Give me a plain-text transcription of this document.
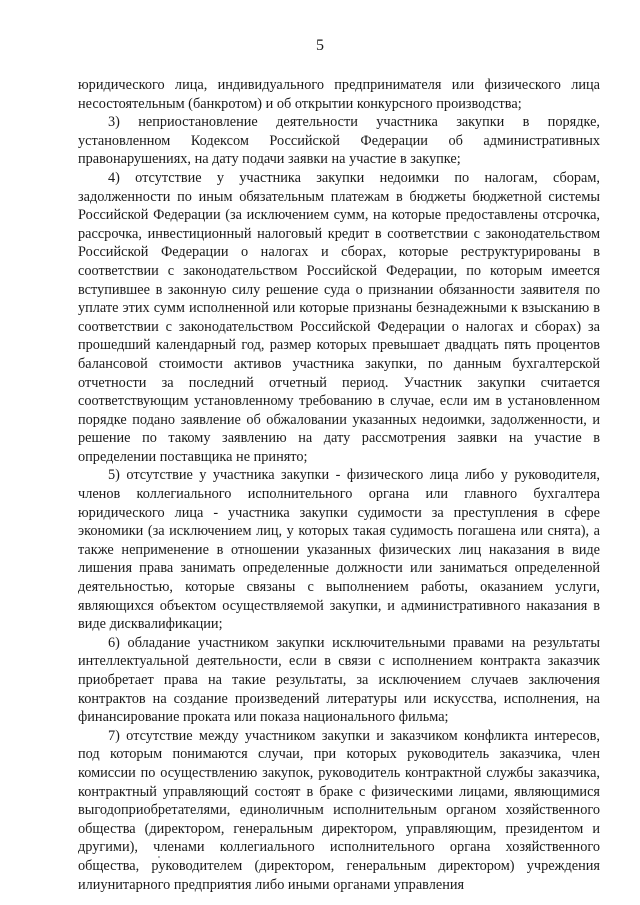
5

юридического лица, индивидуального предпринимателя или физического лица несостоятельным (банкротом) и об открытии конкурсного производства;

3) неприостановление деятельности участника закупки в порядке, установленном Кодексом Российской Федерации об административных правонарушениях, на дату подачи заявки на участие в закупке;

4) отсутствие у участника закупки недоимки по налогам, сборам, задолженности по иным обязательным платежам в бюджеты бюджетной системы Российской Федерации (за исключением сумм, на которые предоставлены отсрочка, рассрочка, инвестиционный налоговый кредит в соответствии с законодательством Российской Федерации о налогах и сборах, которые реструктурированы в соответствии с законодательством Российской Федерации, по которым имеется вступившее в законную силу решение суда о признании обязанности заявителя по уплате этих сумм исполненной или которые признаны безнадежными к взысканию в соответствии с законодательством Российской Федерации о налогах и сборах) за прошедший календарный год, размер которых превышает двадцать пять процентов балансовой стоимости активов участника закупки, по данным бухгалтерской отчетности за последний отчетный период. Участник закупки считается соответствующим установленному требованию в случае, если им в установленном порядке подано заявление об обжаловании указанных недоимки, задолженности, и решение по такому заявлению на дату рассмотрения заявки на участие в определении поставщика не принято;

5) отсутствие у участника закупки - физического лица либо у руководителя, членов коллегиального исполнительного органа или главного бухгалтера юридического лица - участника закупки судимости за преступления в сфере экономики (за исключением лиц, у которых такая судимость погашена или снята), а также неприменение в отношении указанных физических лиц наказания в виде лишения права занимать определенные должности или заниматься определенной деятельностью, которые связаны с выполнением работы, оказанием услуги, являющихся объектом осуществляемой закупки, и административного наказания в виде дисквалификации;

6) обладание участником закупки исключительными правами на результаты интеллектуальной деятельности, если в связи с исполнением контракта заказчик приобретает права на такие результаты, за исключением случаев заключения контрактов на создание произведений литературы или искусства, исполнения, на финансирование проката или показа национального фильма;

7) отсутствие между участником закупки и заказчиком конфликта интересов, под которым понимаются случаи, при которых руководитель заказчика, член комиссии по осуществлению закупок, руководитель контрактной службы заказчика, контрактный управляющий состоят в браке с физическими лицами, являющимися выгодоприобретателями, единоличным исполнительным органом хозяйственного общества (директором, генеральным директором, управляющим, президентом и другими), членами коллегиального исполнительного органа хозяйственного общества, руководителем (директором, генеральным директором) учреждения илиунитарного предприятия либо иными органами управления
